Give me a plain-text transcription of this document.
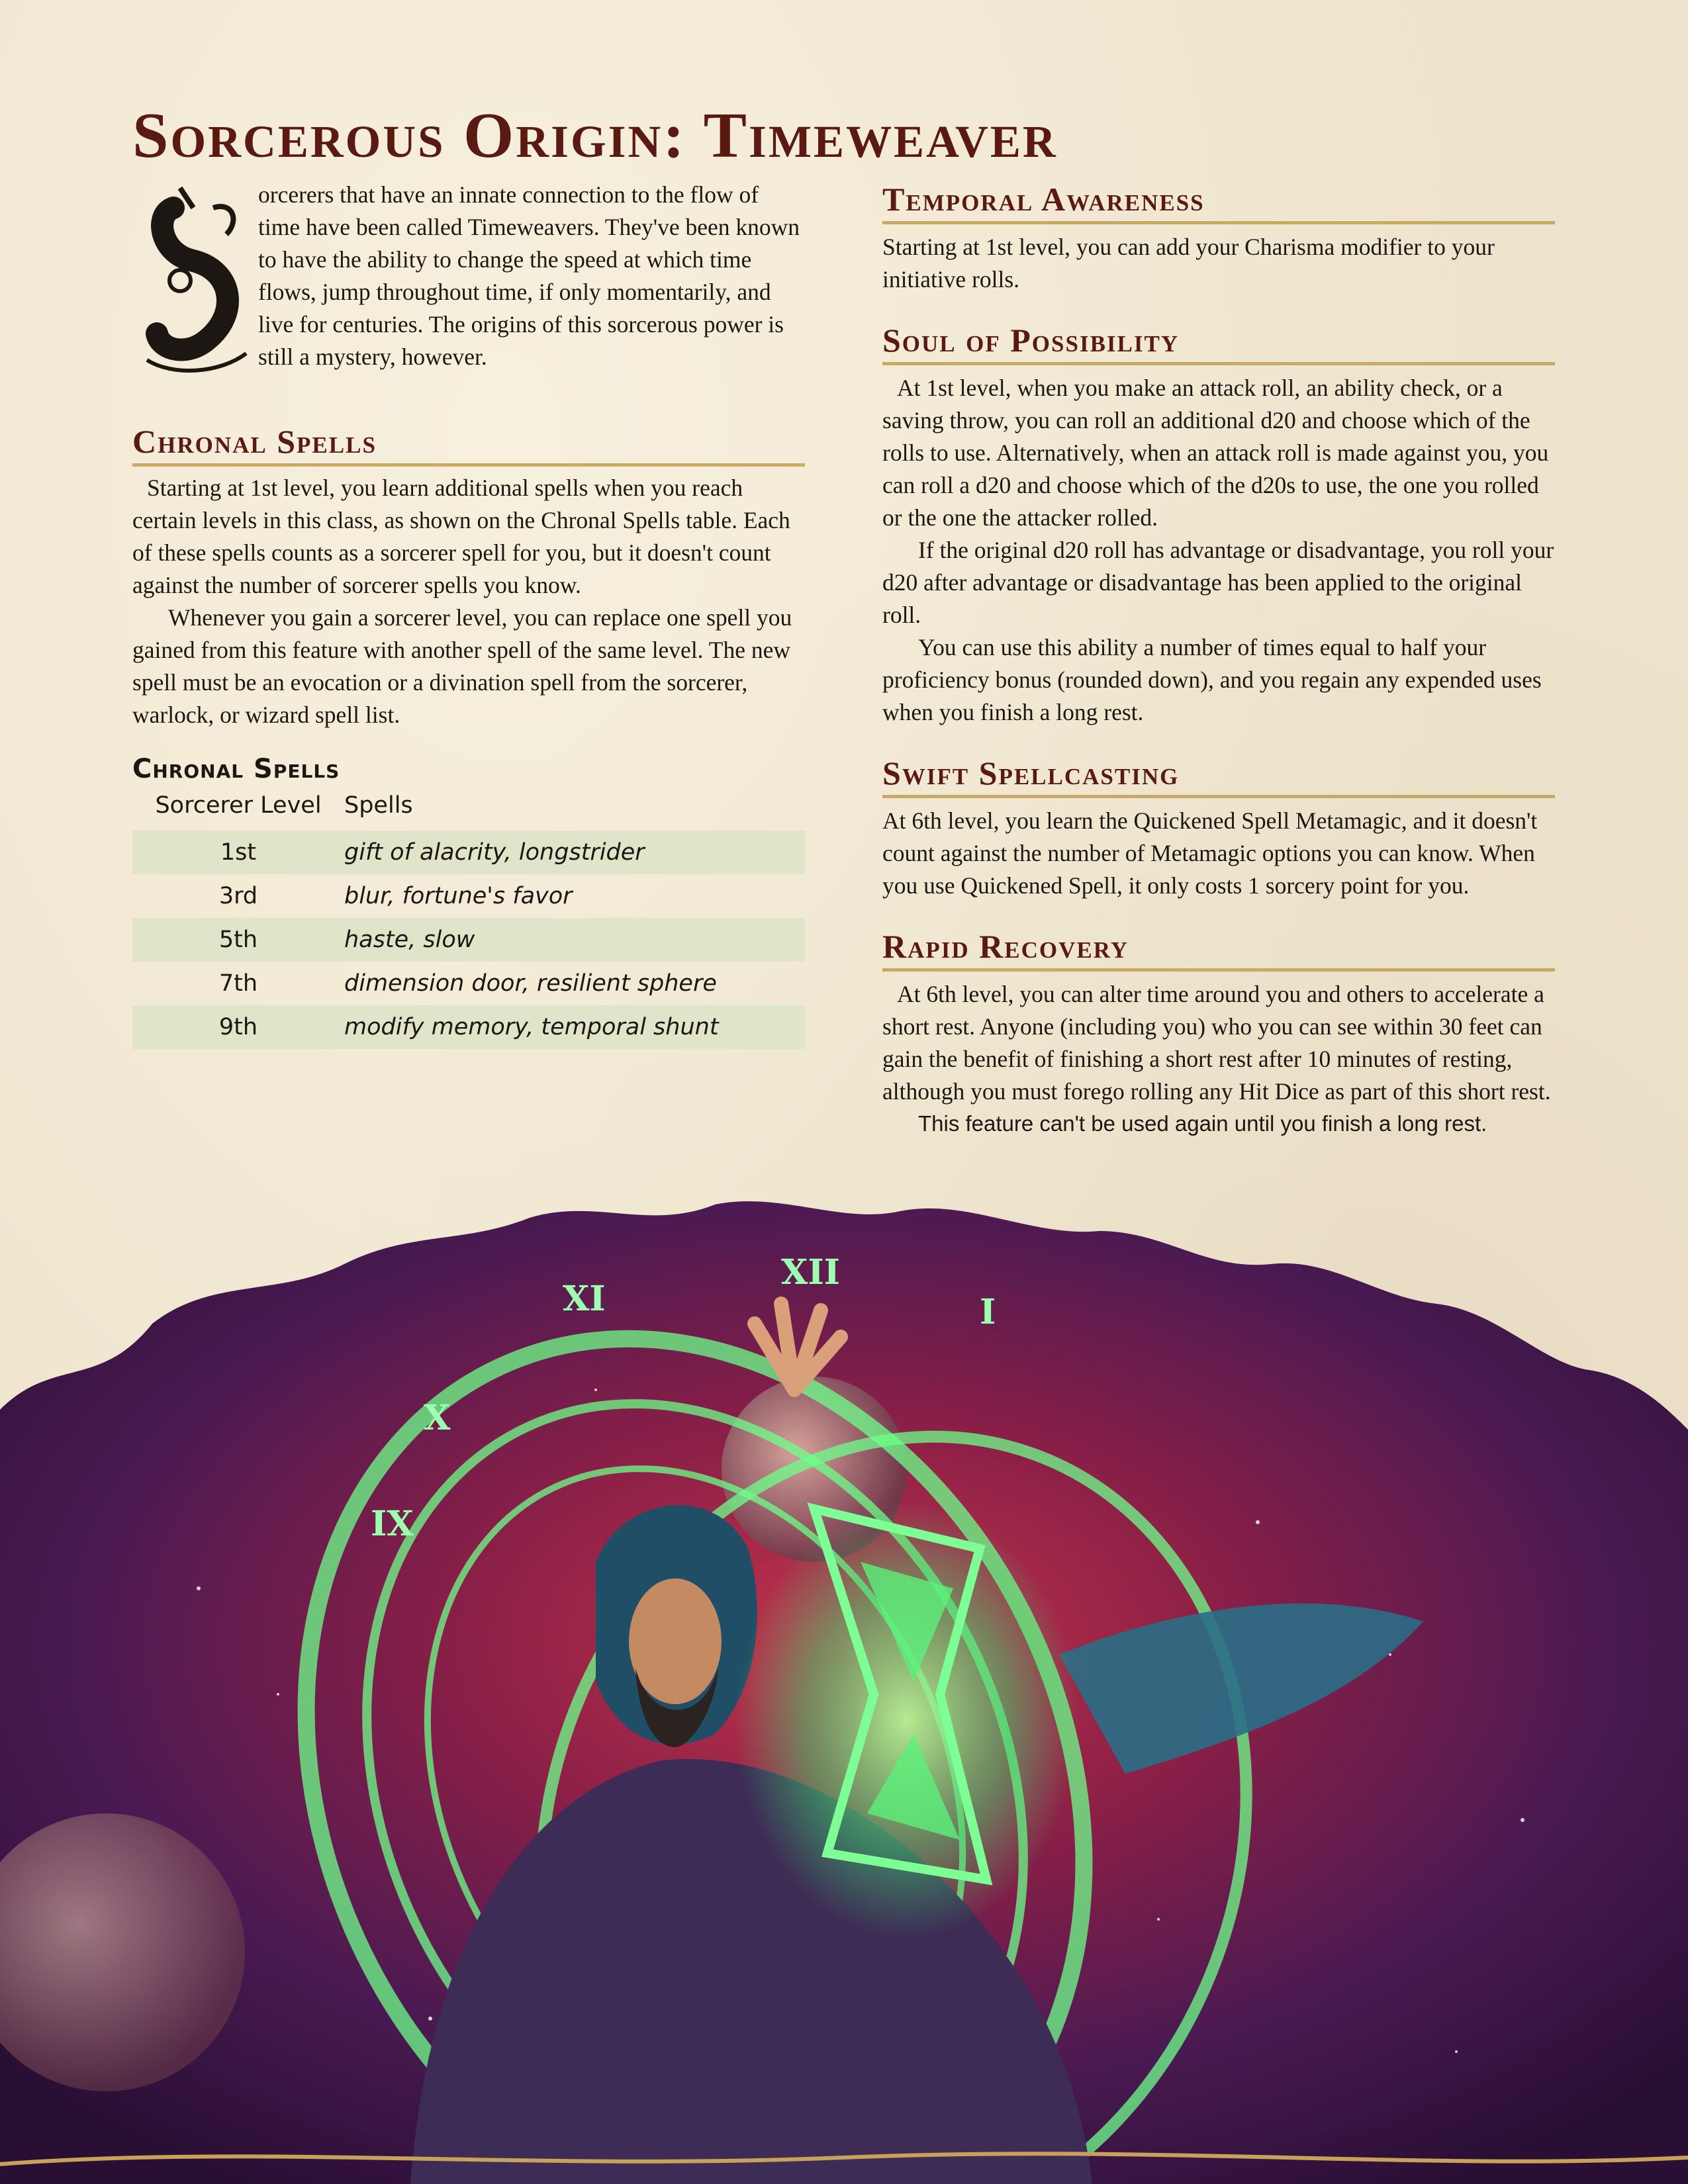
XI
XII
I
IX
X
Sorcerous Origin: Timeweaver

orcerers that have an innate connection to the flow of time have been called Timeweavers. They've been known to have the ability to change the speed at which time flows, jump throughout time, if only momentarily, and live for centuries. The origins of this sorcerous power is still a mystery, however.

Chronal Spells

Starting at 1st level, you learn additional spells when you reach certain levels in this class, as shown on the Chronal Spells table. Each of these spells counts as a sorcerer spell for you, but it doesn't count against the number of sorcerer spells you know.

Whenever you gain a sorcerer level, you can replace one spell you gained from this feature with another spell of the same level. The new spell must be an evocation or a divination spell from the sorcerer, warlock, or wizard spell list.

Chronal Spells
Sorcerer Level	Spells
1st	gift of alacrity, longstrider
3rd	blur, fortune's favor
5th	haste, slow
7th	dimension door, resilient sphere
9th	modify memory, temporal shunt
Temporal Awareness

Starting at 1st level, you can add your Charisma modifier to your initiative rolls.

Soul of Possibility

At 1st level, when you make an attack roll, an ability check, or a saving throw, you can roll an additional d20 and choose which of the rolls to use. Alternatively, when an attack roll is made against you, you can roll a d20 and choose which of the d20s to use, the one you rolled or the one the attacker rolled.

If the original d20 roll has advantage or disadvantage, you roll your d20 after advantage or disadvantage has been applied to the original roll.

You can use this ability a number of times equal to half your proficiency bonus (rounded down), and you regain any expended uses when you finish a long rest.

Swift Spellcasting

At 6th level, you learn the Quickened Spell Metamagic, and it doesn't count against the number of Metamagic options you can know. When you use Quickened Spell, it only costs 1 sorcery point for you.

Rapid Recovery

At 6th level, you can alter time around you and others to accelerate a short rest. Anyone (including you) who you can see within 30 feet can gain the benefit of finishing a short rest after 10 minutes of resting, although you must forego rolling any Hit Dice as part of this short rest.

This feature can't be used again until you finish a long rest.
